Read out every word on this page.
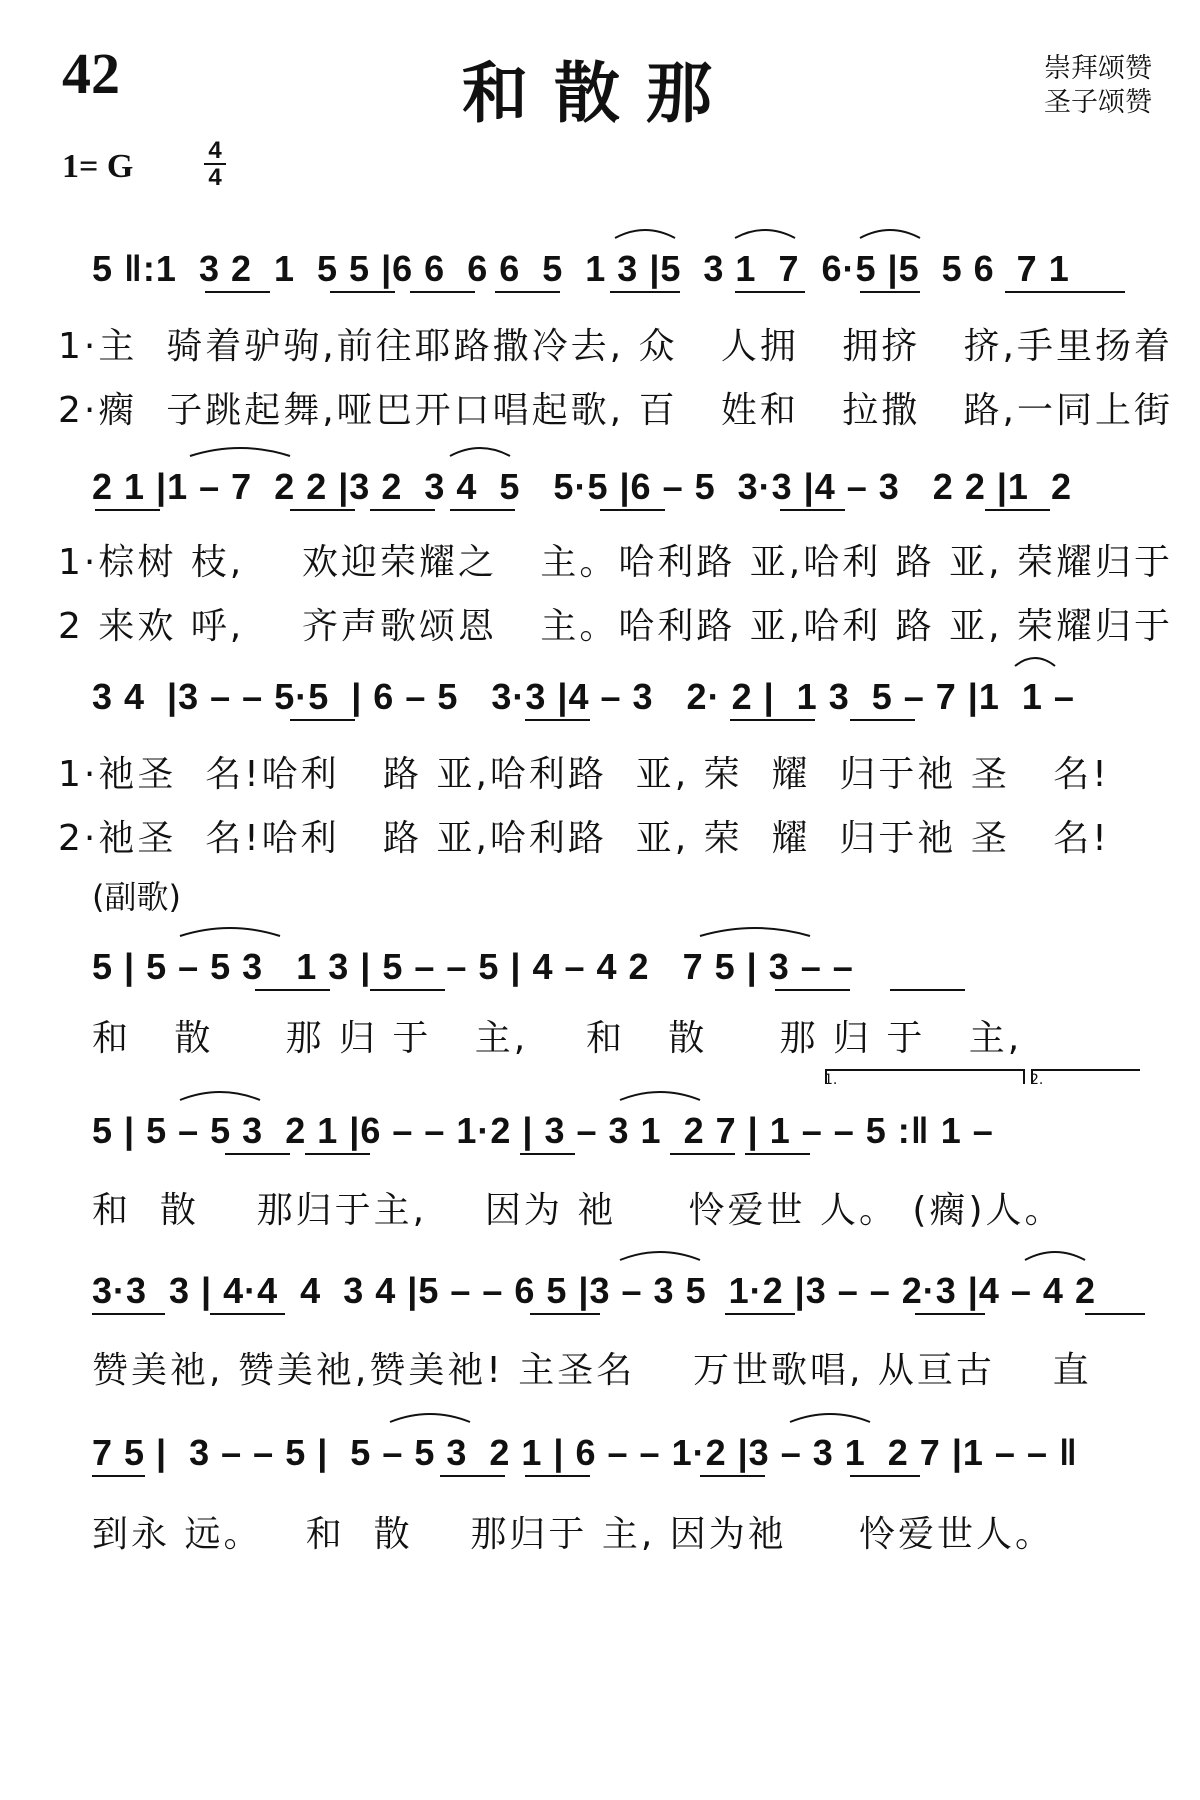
42	和散那	崇拜颂赞
圣子颂赞
1= G	4
4
5 ‖:1  3 2  1  5 5 |6 6  6 6  5  1 3 |5  3 1  7  6·5 |5  5 6  7 1
1·主  骑着驴驹,前往耶路撒冷去, 众   人拥   拥挤   挤,手里扬着
2·瘸  子跳起舞,哑巴开口唱起歌, 百   姓和   拉撒   路,一同上街
2 1 |1 – 7  2 2 |3 2  3 4  5   5·5 |6 – 5  3·3 |4 – 3   2 2 |1  2
1·棕树 枝,    欢迎荣耀之   主。哈利路 亚,哈利 路 亚, 荣耀归于
2 来欢 呼,    齐声歌颂恩   主。哈利路 亚,哈利 路 亚, 荣耀归于
3 4  |3 – – 5·5  | 6 – 5   3·3 |4 – 3   2· 2 |  1 3  5 – 7 |1  1 –
1·祂圣  名!哈利   路 亚,哈利路  亚, 荣  耀  归于祂 圣   名!
2·祂圣  名!哈利   路 亚,哈利路  亚, 荣  耀  归于祂 圣   名!
(副歌)
5 | 5 – 5 3   1 3 | 5 – – 5 | 4 – 4 2   7 5 | 3 – –
和   散     那 归 于   主,    和   散     那 归 于   主,
1.	2.
5 | 5 – 5 3  2 1 |6 – – 1·2 | 3 – 3 1  2 7 | 1 – – 5 :‖ 1 –
和  散    那归于主,    因为 祂     怜爱世 人。 (瘸)人。
3·3  3 | 4·4  4  3 4 |5 – – 6 5 |3 – 3 5  1·2 |3 – – 2·3 |4 – 4 2
赞美祂, 赞美祂,赞美祂! 主圣名    万世歌唱, 从亘古    直
7 5 |  3 – – 5 |  5 – 5 3  2 1 | 6 – – 1·2 |3 – 3 1  2 7 |1 – – ‖
到永 远。   和  散    那归于 主, 因为祂     怜爱世人。
